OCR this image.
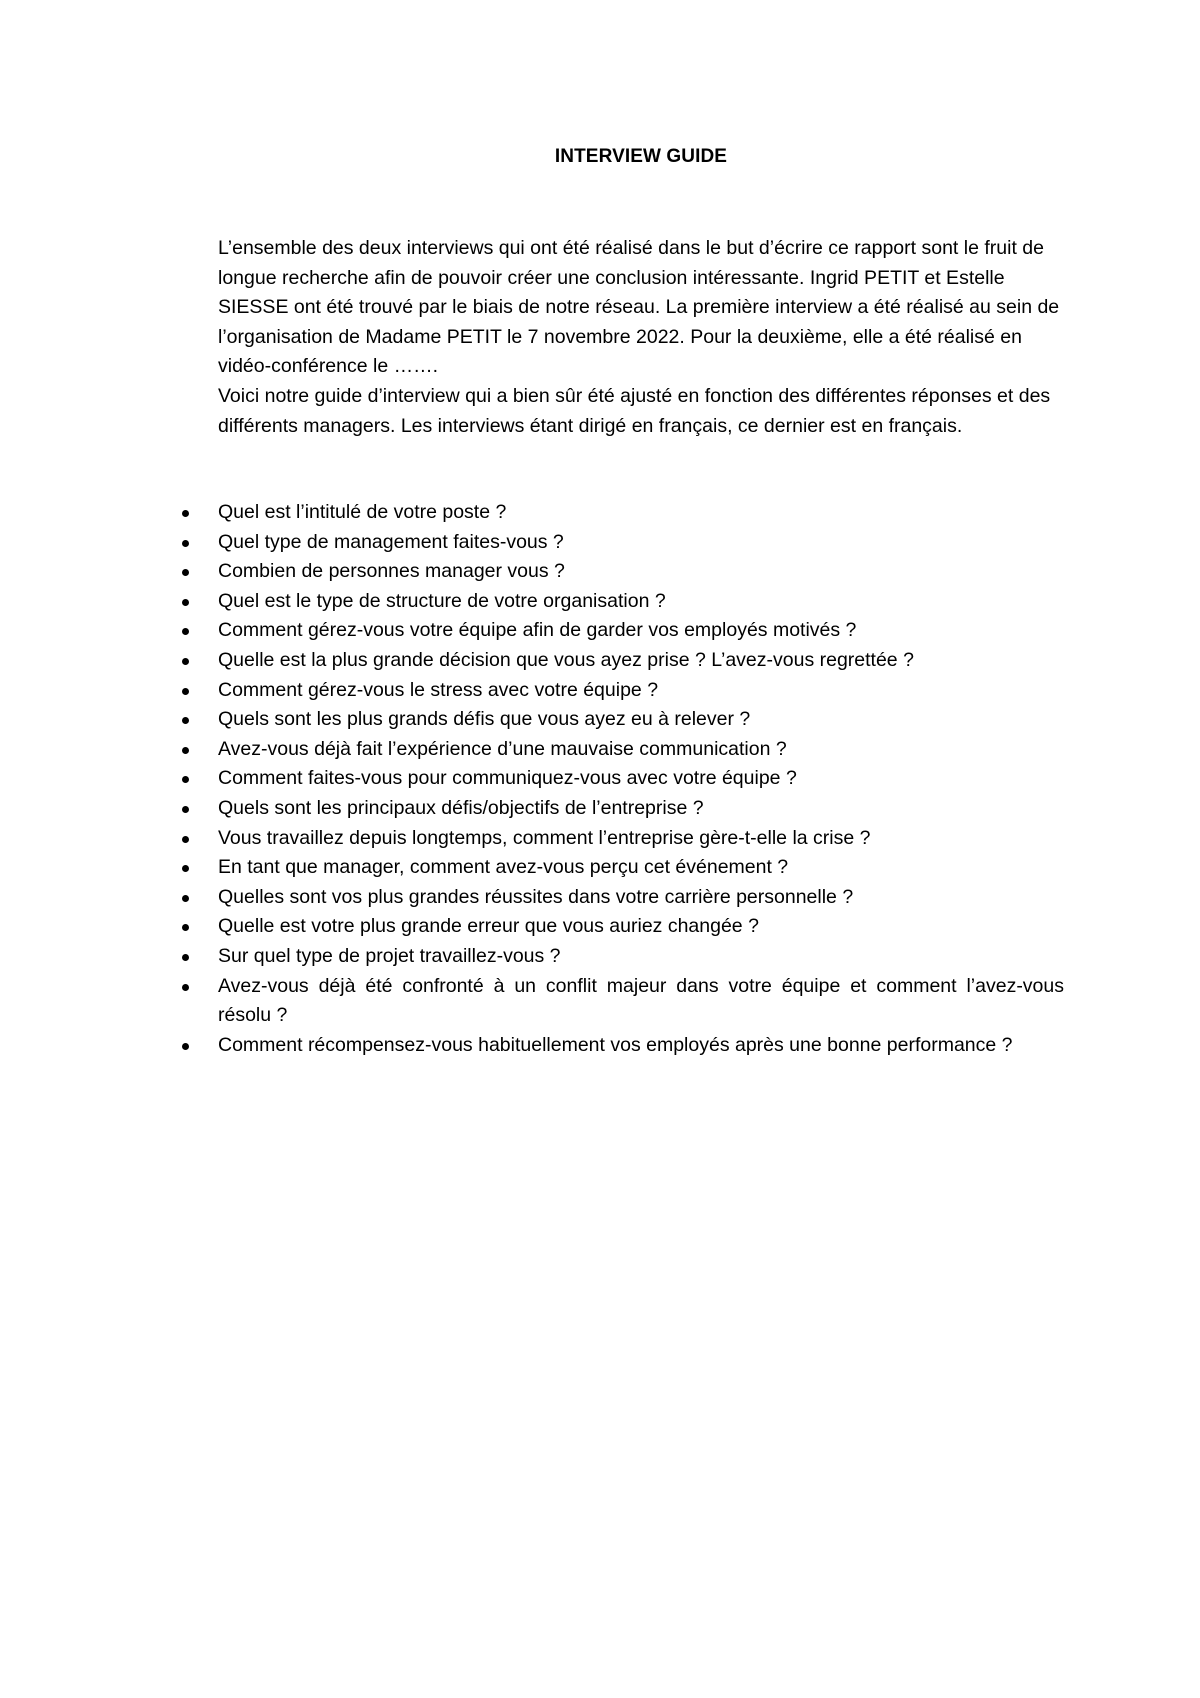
INTERVIEW GUIDE

L’ensemble des deux interviews qui ont été réalisé dans le but d’écrire ce rapport sont le fruit de longue recherche afin de pouvoir créer une conclusion intéressante. Ingrid PETIT et Estelle SIESSE ont été trouvé par le biais de notre réseau. La première interview a été réalisé au sein de l’organisation de Madame PETIT le 7 novembre 2022. Pour la deuxième, elle a été réalisé en vidéo-conférence le …….

Voici notre guide d’interview qui a bien sûr été ajusté en fonction des différentes réponses et des différents managers. Les interviews étant dirigé en français, ce dernier est en français.

Quel est l’intitulé de votre poste ?
Quel type de management faites-vous ?
Combien de personnes manager vous ?
Quel est le type de structure de votre organisation ?
Comment gérez-vous votre équipe afin de garder vos employés motivés ?
Quelle est la plus grande décision que vous ayez prise ? L’avez-vous regrettée ?
Comment gérez-vous le stress avec votre équipe ?
Quels sont les plus grands défis que vous ayez eu à relever ?
Avez-vous déjà fait l’expérience d’une mauvaise communication ?
Comment faites-vous pour communiquez-vous avec votre équipe ?
Quels sont les principaux défis/objectifs de l’entreprise ?
Vous travaillez depuis longtemps, comment l’entreprise gère-t-elle la crise ?
En tant que manager, comment avez-vous perçu cet événement ?
Quelles sont vos plus grandes réussites dans votre carrière personnelle ?
Quelle est votre plus grande erreur que vous auriez changée ?
Sur quel type de projet travaillez-vous ?
Avez-vous déjà été confronté à un conflit majeur dans votre équipe et comment l’avez-vous résolu ?
Comment récompensez-vous habituellement vos employés après une bonne performance ?
